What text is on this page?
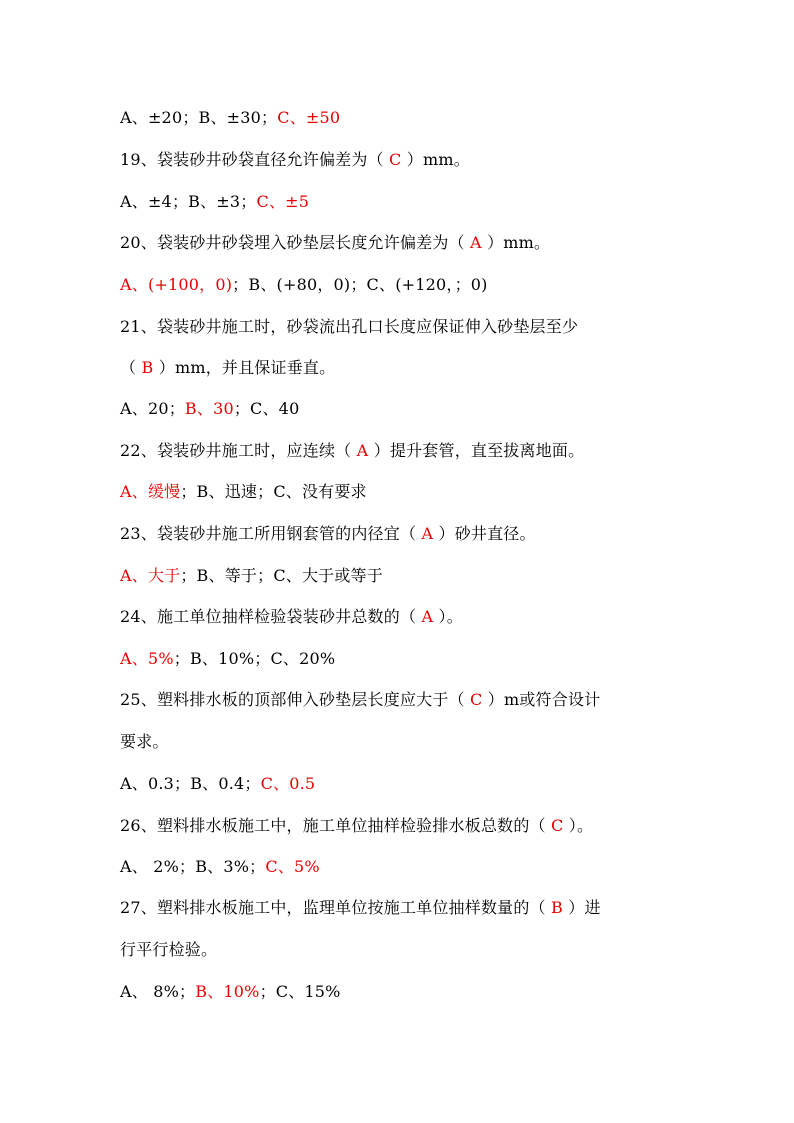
A、±20；B、±30；C、±50
19、袋装砂井砂袋直径允许偏差为（ C ）mm。
A、±4；B、±3；C、±5
20、袋装砂井砂袋埋入砂垫层长度允许偏差为（ A ）mm。
A、(+100，0)；B、(+80，0)；C、(+120，；0)
21、袋装砂井施工时，砂袋流出孔口长度应保证伸入砂垫层至少
（ B ）mm，并且保证垂直。
A、20；B、30；C、40
22、袋装砂井施工时，应连续（ A ）提升套管，直至拔离地面。
A、缓慢；B、迅速；C、没有要求
23、袋装砂井施工所用钢套管的内径宜（ A ）砂井直径。
A、大于；B、等于；C、大于或等于
24、施工单位抽样检验袋装砂井总数的（ A ）。
A、5%；B、10%；C、20%
25、塑料排水板的顶部伸入砂垫层长度应大于（ C ）m或符合设计
要求。
A、0.3；B、0.4；C、0.5
26、塑料排水板施工中，施工单位抽样检验排水板总数的（ C ）。
A、 2%；B、3%；C、5%
27、塑料排水板施工中，监理单位按施工单位抽样数量的（ B ）进
行平行检验。
A、 8%；B、10%；C、15%
